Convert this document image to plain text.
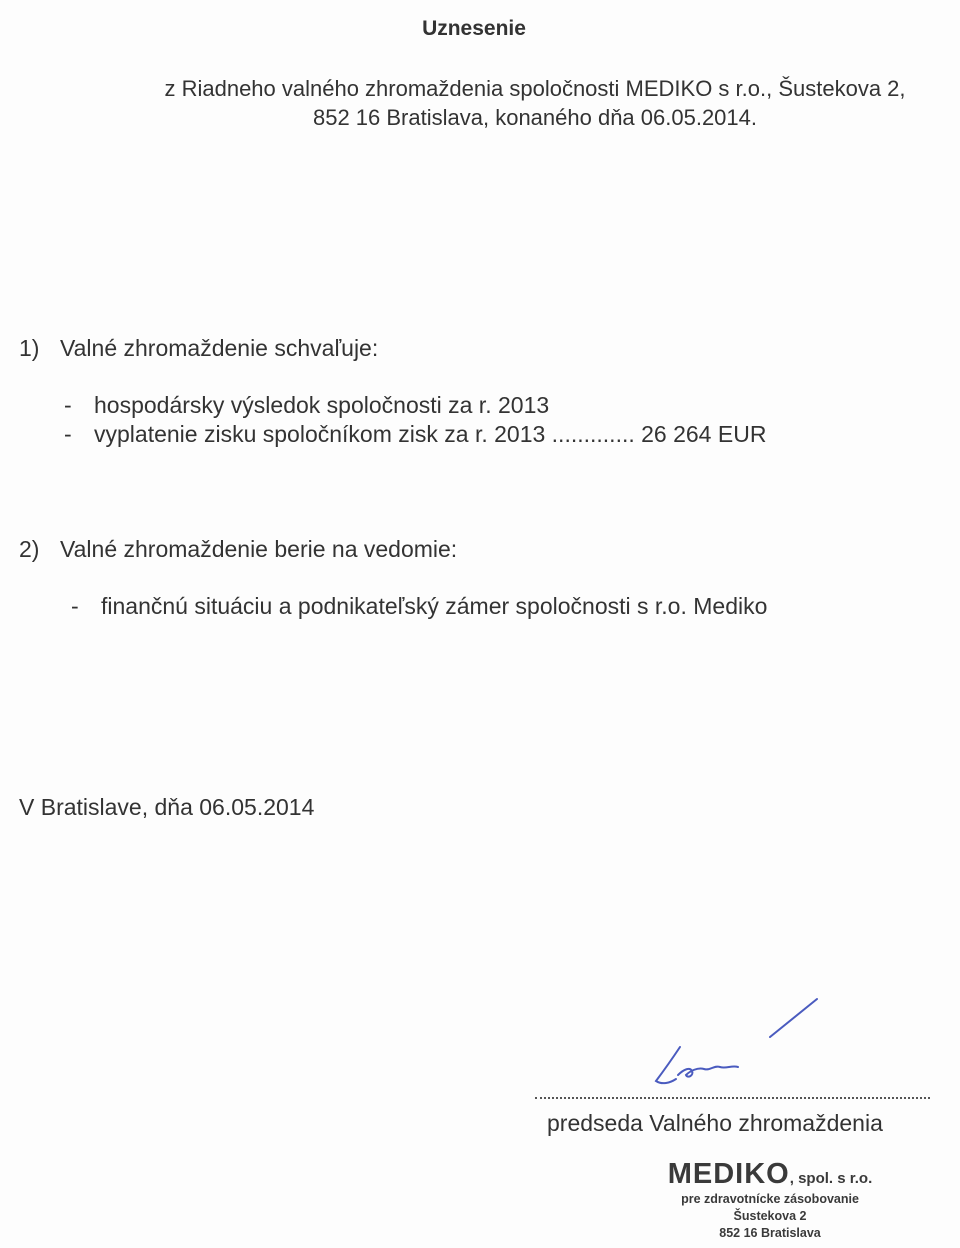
Uznesenie
z Riadneho valného zhromaždenia spoločnosti MEDIKO s r.o., Šustekova 2,
852 16 Bratislava, konaného dňa 06.05.2014.
1) Valné zhromaždenie schvaľuje:
- hospodársky výsledok spoločnosti za r. 2013
- vyplatenie zisku spoločníkom zisk za r. 2013 ............. 26 264 EUR
2) Valné zhromaždenie berie na vedomie:
- finančnú situáciu a podnikateľský zámer spoločnosti s r.o. Mediko
V Bratislave, dňa 06.05.2014
predseda Valného zhromaždenia
MEDIKO, spol. s r.o.
pre zdravotnícke zásobovanie
Šustekova 2
852 16 Bratislava
